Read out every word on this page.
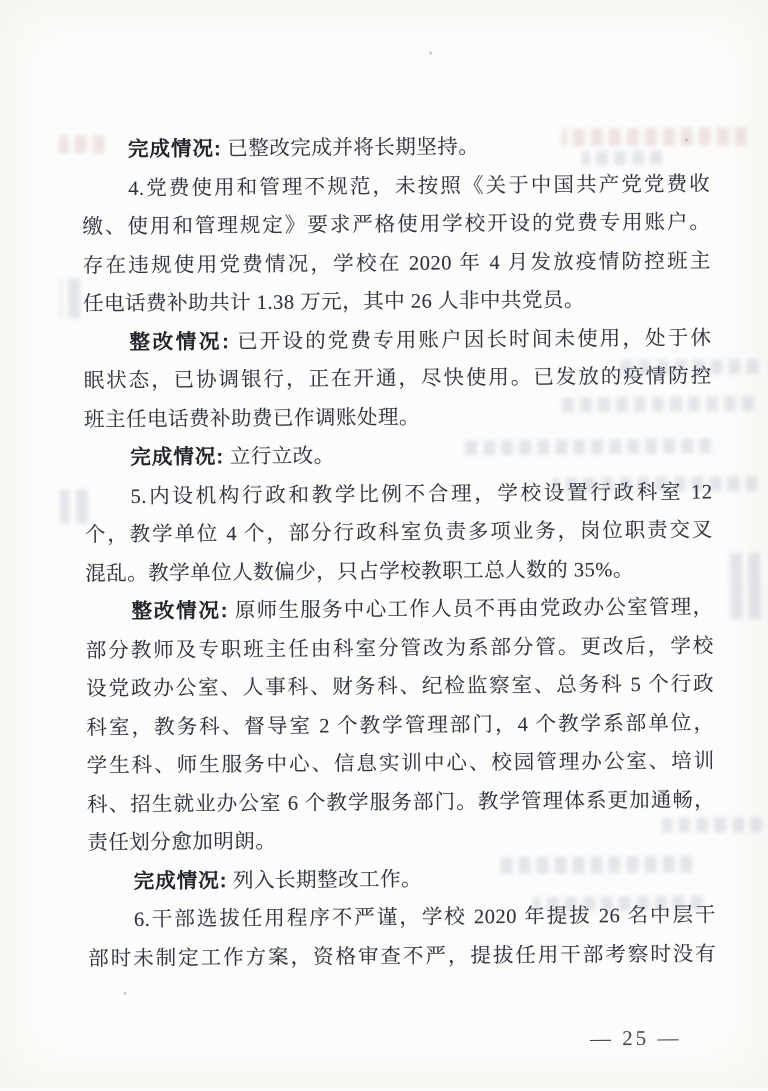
完成情况: 已整改完成并将长期坚持。
4.党费使用和管理不规范，未按照《关于中国共产党党费收
缴、使用和管理规定》要求严格使用学校开设的党费专用账户。
存在违规使用党费情况，学校在 2020 年 4 月发放疫情防控班主
任电话费补助共计 1.38 万元，其中 26 人非中共党员。
整改情况: 已开设的党费专用账户因长时间未使用，处于休
眠状态，已协调银行，正在开通，尽快使用。已发放的疫情防控
班主任电话费补助费已作调账处理。
完成情况: 立行立改。
5.内设机构行政和教学比例不合理，学校设置行政科室 12
个，教学单位 4 个，部分行政科室负责多项业务，岗位职责交叉
混乱。教学单位人数偏少，只占学校教职工总人数的 35%。
整改情况: 原师生服务中心工作人员不再由党政办公室管理，
部分教师及专职班主任由科室分管改为系部分管。更改后，学校
设党政办公室、人事科、财务科、纪检监察室、总务科 5 个行政
科室，教务科、督导室 2 个教学管理部门，4 个教学系部单位，
学生科、师生服务中心、信息实训中心、校园管理办公室、培训
科、招生就业办公室 6 个教学服务部门。教学管理体系更加通畅，
责任划分愈加明朗。
完成情况: 列入长期整改工作。
6.干部选拔任用程序不严谨，学校 2020 年提拔 26 名中层干
部时未制定工作方案，资格审查不严，提拔任用干部考察时没有
— 25 —
